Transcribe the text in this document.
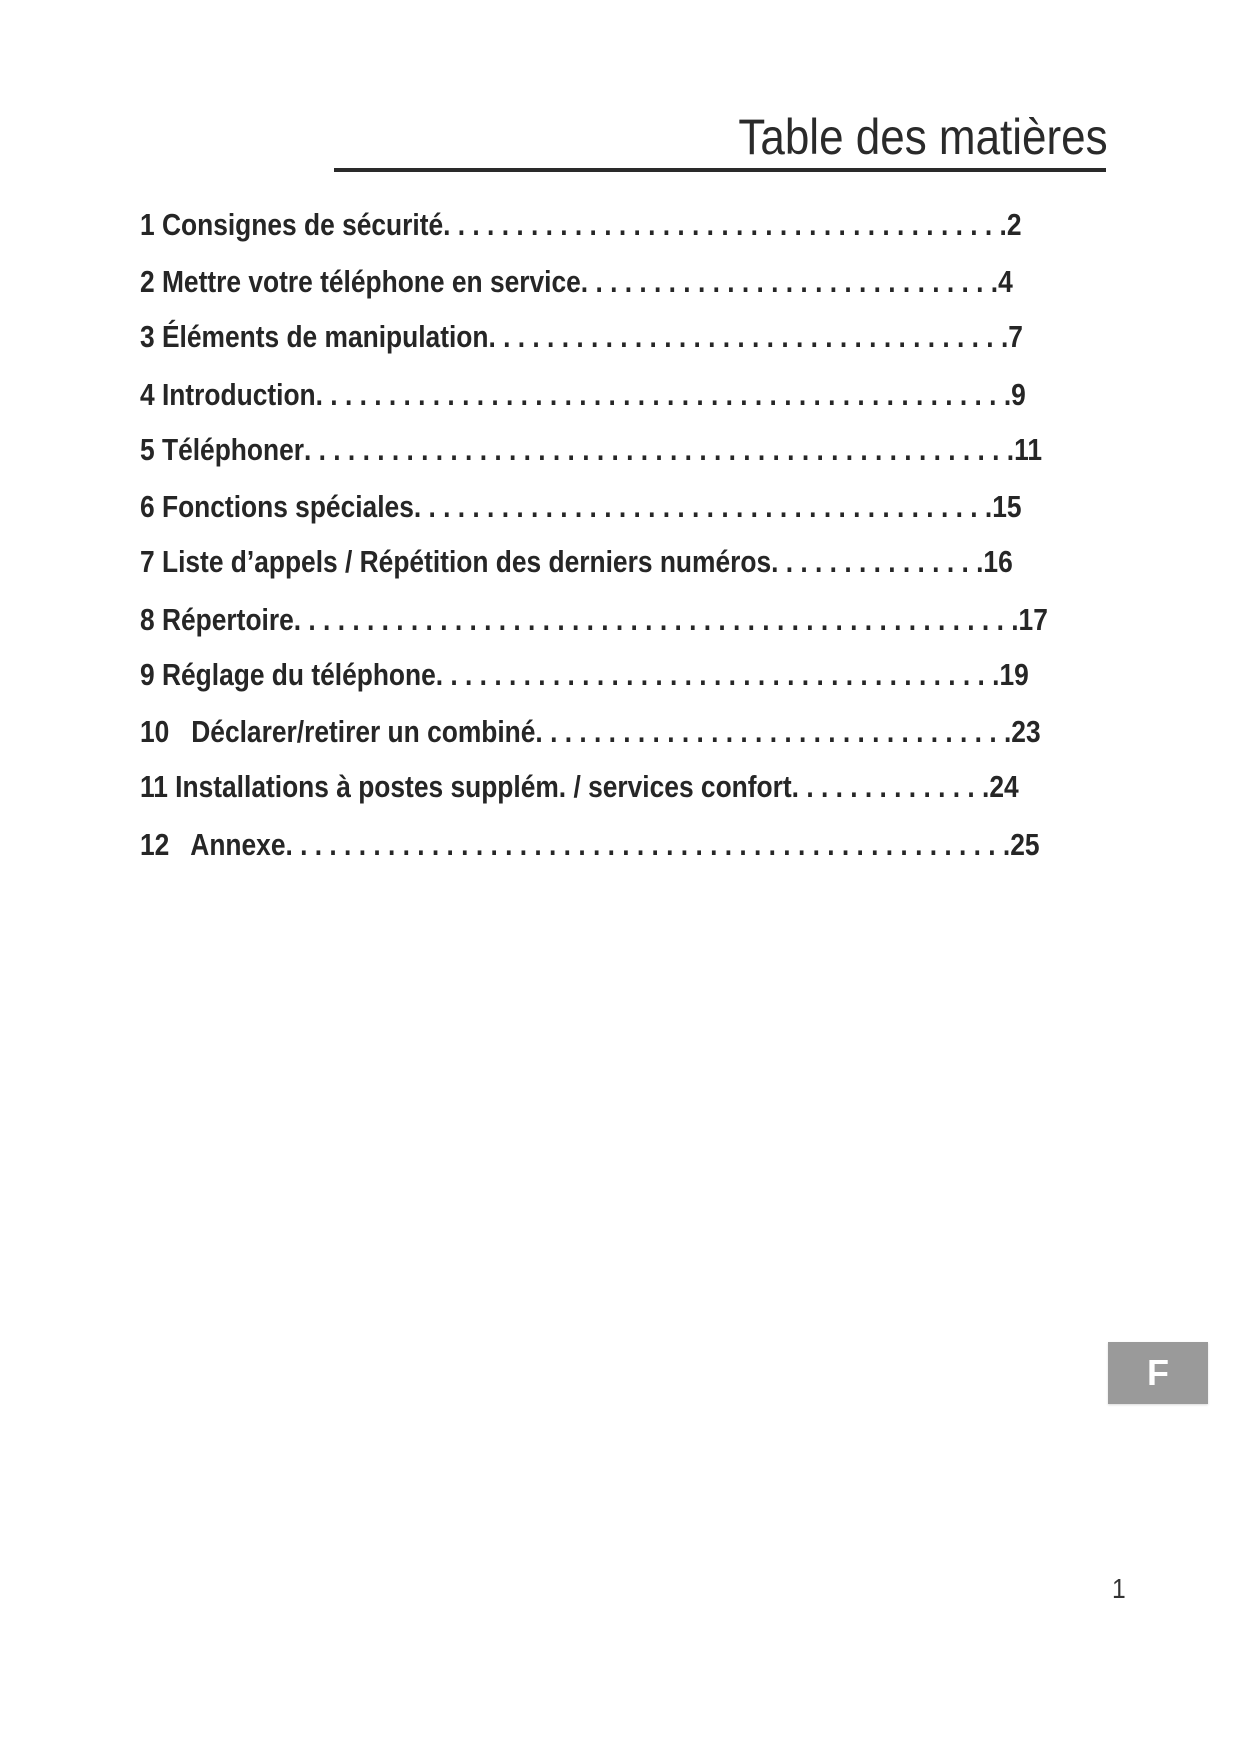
Table des matières
1 Consignes de sécurité. . . . . . . . . . . . . . . . . . . . . . . . . . . . . . . . . . . . . . .2
2 Mettre votre téléphone en service. . . . . . . . . . . . . . . . . . . . . . . . . . . . .4
3 Éléments de manipulation. . . . . . . . . . . . . . . . . . . . . . . . . . . . . . . . . . . .7
4 Introduction. . . . . . . . . . . . . . . . . . . . . . . . . . . . . . . . . . . . . . . . . . . . . . . .9
5 Téléphoner. . . . . . . . . . . . . . . . . . . . . . . . . . . . . . . . . . . . . . . . . . . . . . . . .11
6 Fonctions spéciales. . . . . . . . . . . . . . . . . . . . . . . . . . . . . . . . . . . . . . . .15
7 Liste d’appels / Répétition des derniers numéros. . . . . . . . . . . . . . .16
8 Répertoire. . . . . . . . . . . . . . . . . . . . . . . . . . . . . . . . . . . . . . . . . . . . . . . . . .17
9 Réglage du téléphone. . . . . . . . . . . . . . . . . . . . . . . . . . . . . . . . . . . . . . .19
10   Déclarer/retirer un combiné. . . . . . . . . . . . . . . . . . . . . . . . . . . . . . . . .23
11 Installations à postes supplém. / services confort. . . . . . . . . . . . . .24
12   Annexe. . . . . . . . . . . . . . . . . . . . . . . . . . . . . . . . . . . . . . . . . . . . . . . . . .25
F
1
